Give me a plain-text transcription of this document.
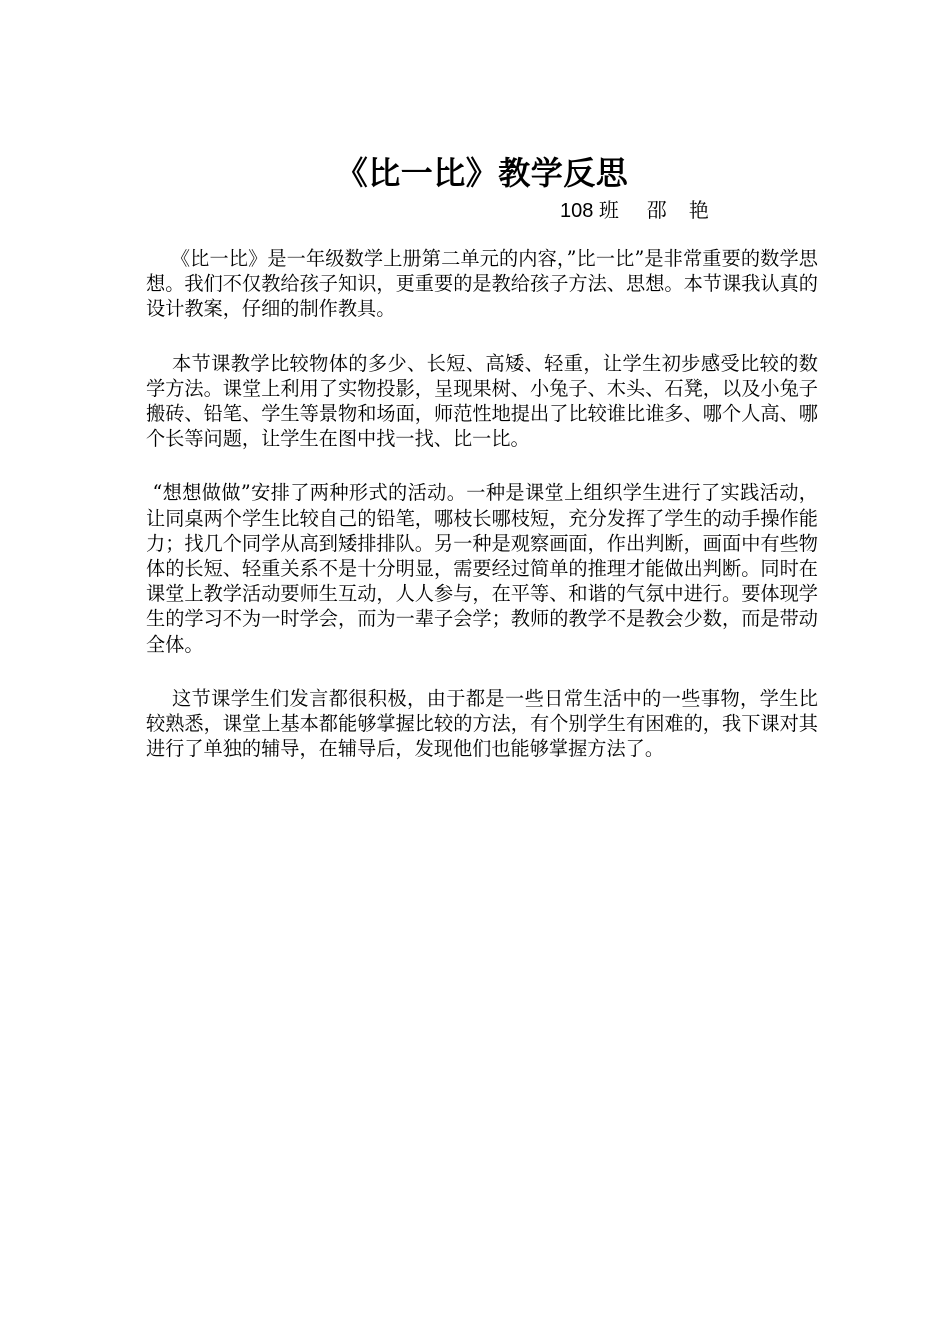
《比一比》教学反思
108 班     邵    艳

《比一比》是一年级数学上册第二单元的内容，”比一比”是非常重要的数学思想。我们不仅教给孩子知识，更重要的是教给孩子方法、思想。本节课我认真的设计教案，仔细的制作教具。

本节课教学比较物体的多少、长短、高矮、轻重，让学生初步感受比较的数学方法。课堂上利用了实物投影，呈现果树、小兔子、木头、石凳，以及小兔子搬砖、铅笔、学生等景物和场面，师范性地提出了比较谁比谁多、哪个人高、哪个长等问题，让学生在图中找一找、比一比。

“想想做做”安排了两种形式的活动。一种是课堂上组织学生进行了实践活动，让同桌两个学生比较自己的铅笔，哪枝长哪枝短，充分发挥了学生的动手操作能力；找几个同学从高到矮排排队。另一种是观察画面，作出判断，画面中有些物体的长短、轻重关系不是十分明显，需要经过简单的推理才能做出判断。同时在课堂上教学活动要师生互动，人人参与，在平等、和谐的气氛中进行。要体现学生的学习不为一时学会，而为一辈子会学；教师的教学不是教会少数，而是带动全体。

这节课学生们发言都很积极，由于都是一些日常生活中的一些事物，学生比较熟悉，课堂上基本都能够掌握比较的方法，有个别学生有困难的，我下课对其进行了单独的辅导，在辅导后，发现他们也能够掌握方法了。
